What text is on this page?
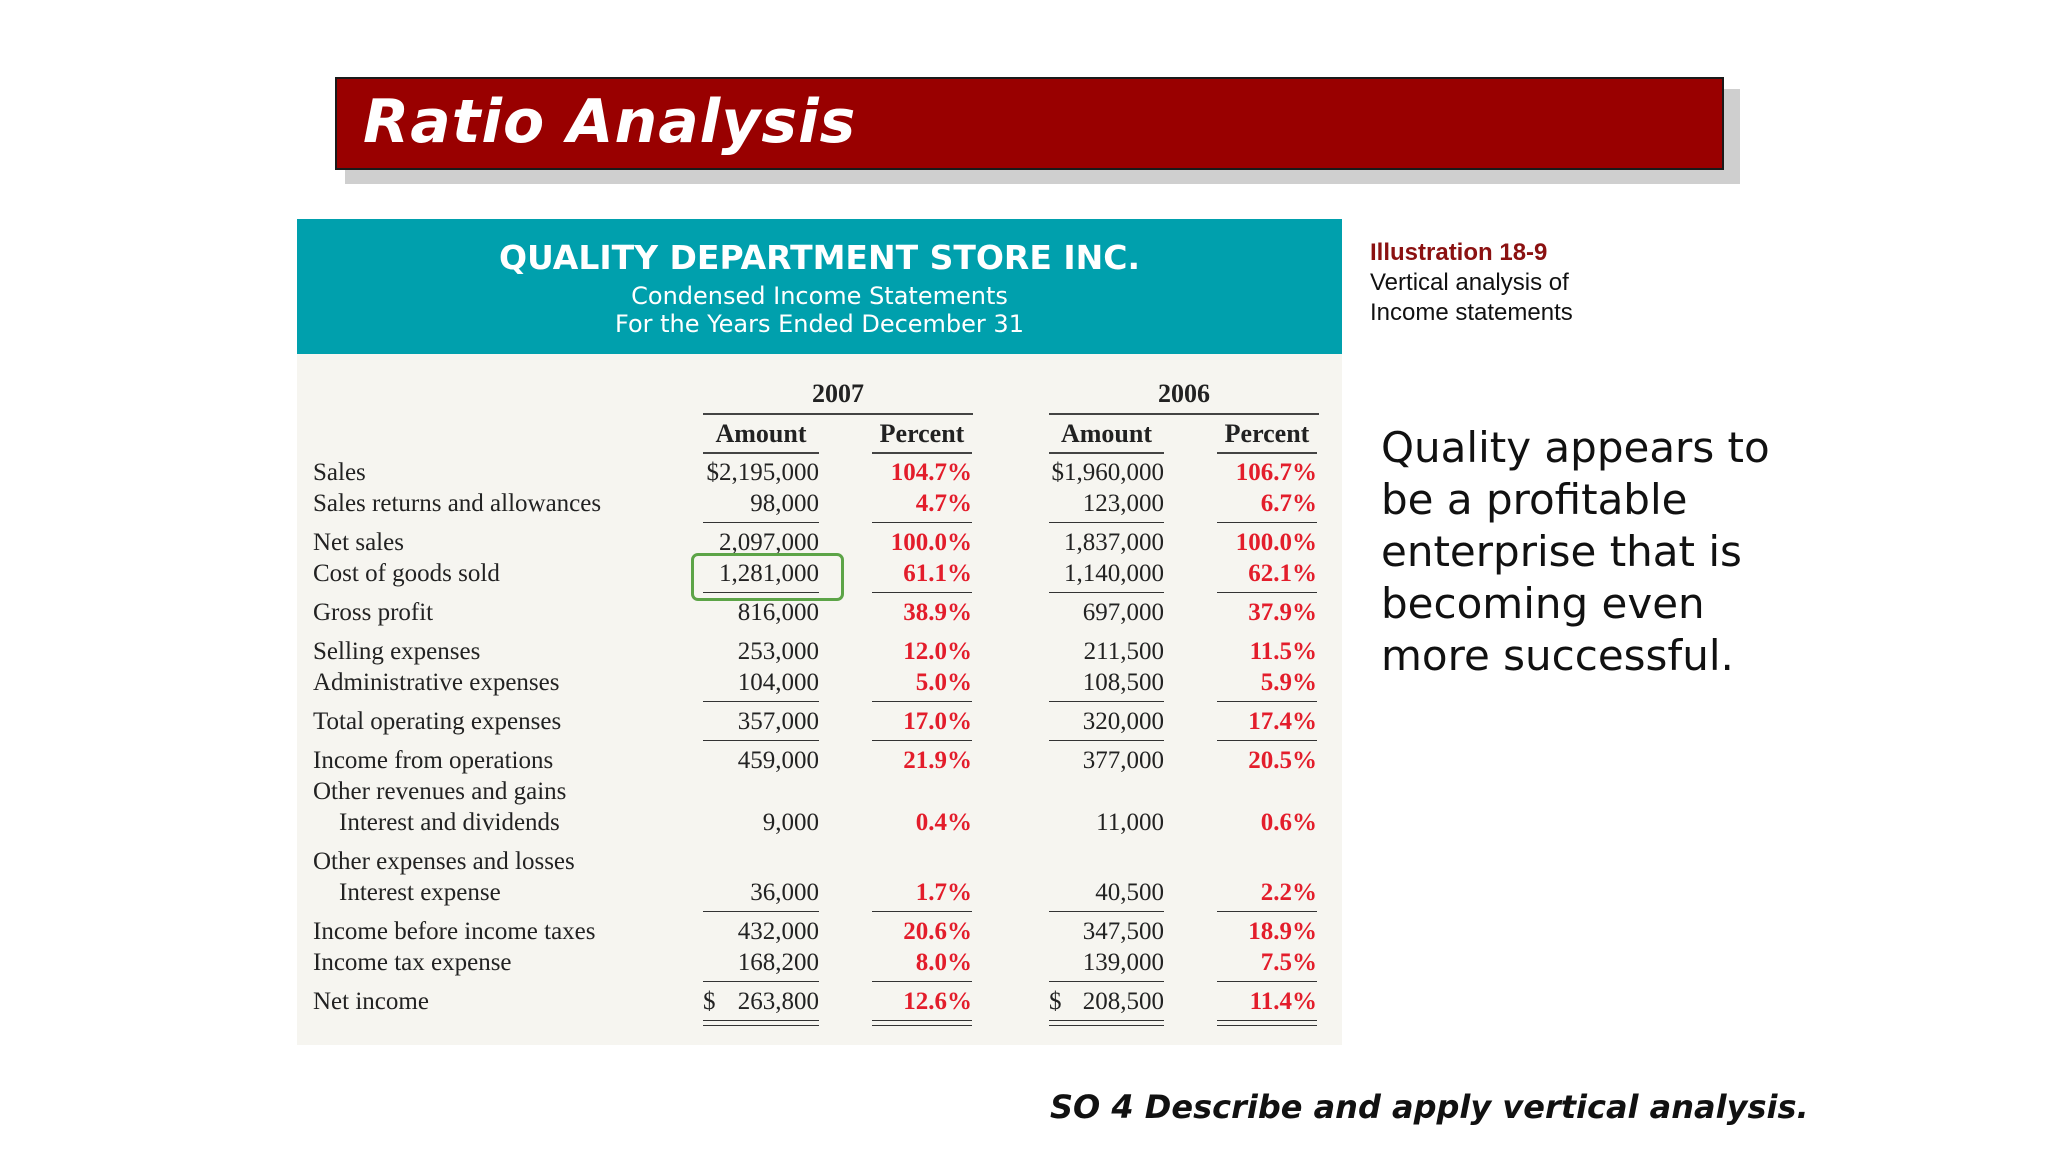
Ratio Analysis
QUALITY DEPARTMENT STORE INC.
Condensed Income Statements
For the Years Ended December 31
2007	2006
Amount	Percent	Amount	Percent
Sales	$2,195,000	104.7%	$1,960,000	106.7%
Sales returns and allowances	98,000	4.7%	123,000	6.7%
Net sales	2,097,000	100.0%	1,837,000	100.0%
Cost of goods sold	1,281,000	61.1%	1,140,000	62.1%
Gross profit	816,000	38.9%	697,000	37.9%
Selling expenses	253,000	12.0%	211,500	11.5%
Administrative expenses	104,000	5.0%	108,500	5.9%
Total operating expenses	357,000	17.0%	320,000	17.4%
Income from operations	459,000	21.9%	377,000	20.5%
Other revenues and gains
Interest and dividends	9,000	0.4%	11,000	0.6%
Other expenses and losses
Interest expense	36,000	1.7%	40,500	2.2%
Income before income taxes	432,000	20.6%	347,500	18.9%
Income tax expense	168,200	8.0%	139,000	7.5%
Net income	$ 263,800	12.6%	$ 208,500	11.4%
Illustration 18-9
Vertical analysis of
Income statements
Quality appears to be a profitable enterprise that is becoming even more successful.
SO 4 Describe and apply vertical analysis.
